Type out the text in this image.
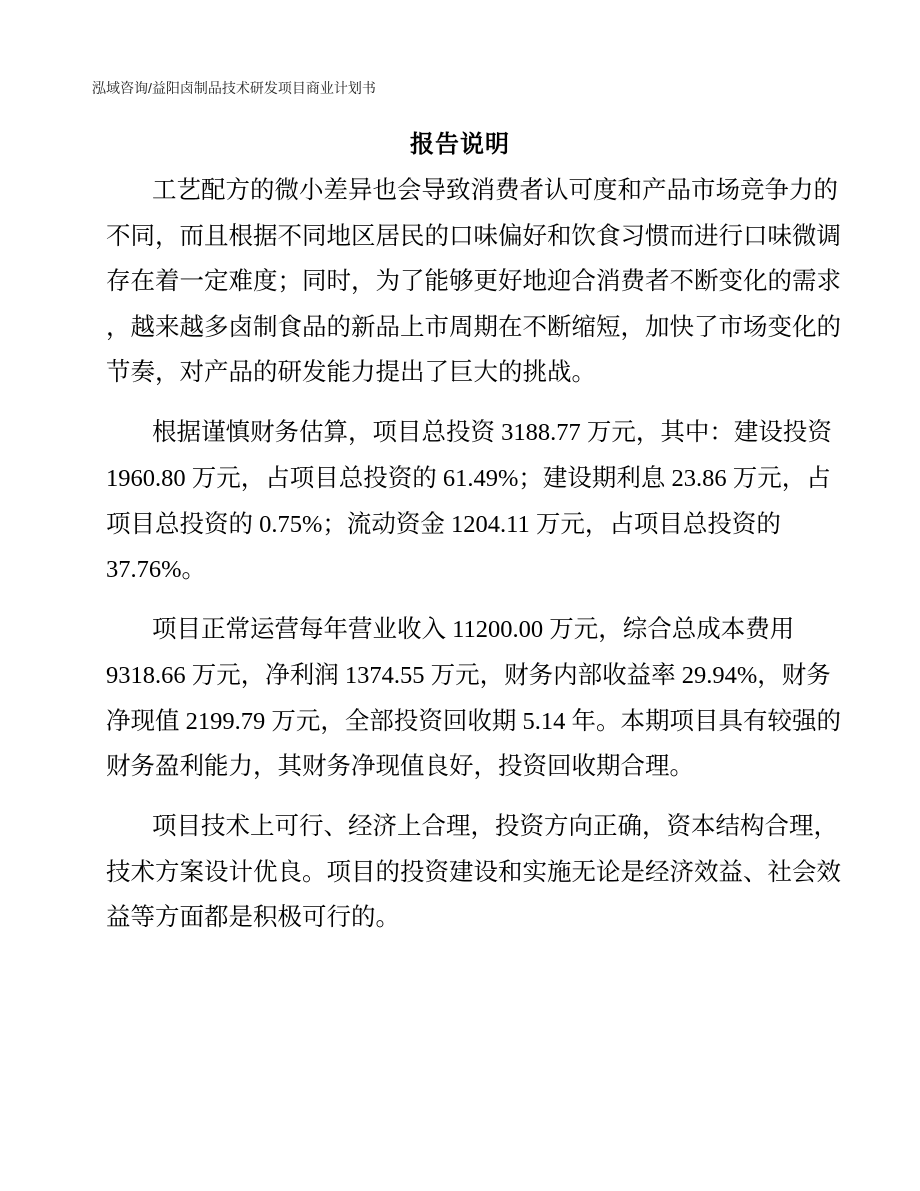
泓域咨询/益阳卤制品技术研发项目商业计划书
报告说明
工艺配方的微小差异也会导致消费者认可度和产品市场竞争力的
不同，而且根据不同地区居民的口味偏好和饮食习惯而进行口味微调
存在着一定难度；同时，为了能够更好地迎合消费者不断变化的需求
，越来越多卤制食品的新品上市周期在不断缩短，加快了市场变化的
节奏，对产品的研发能力提出了巨大的挑战。
根据谨慎财务估算，项目总投资 3188.77 万元，其中：建设投资
1960.80 万元，占项目总投资的 61.49%；建设期利息 23.86 万元，占
项目总投资的 0.75%；流动资金 1204.11 万元，占项目总投资的
37.76%。
项目正常运营每年营业收入 11200.00 万元，综合总成本费用
9318.66 万元，净利润 1374.55 万元，财务内部收益率 29.94%，财务
净现值 2199.79 万元，全部投资回收期 5.14 年。本期项目具有较强的
财务盈利能力，其财务净现值良好，投资回收期合理。
项目技术上可行、经济上合理，投资方向正确，资本结构合理，
技术方案设计优良。项目的投资建设和实施无论是经济效益、社会效
益等方面都是积极可行的。
